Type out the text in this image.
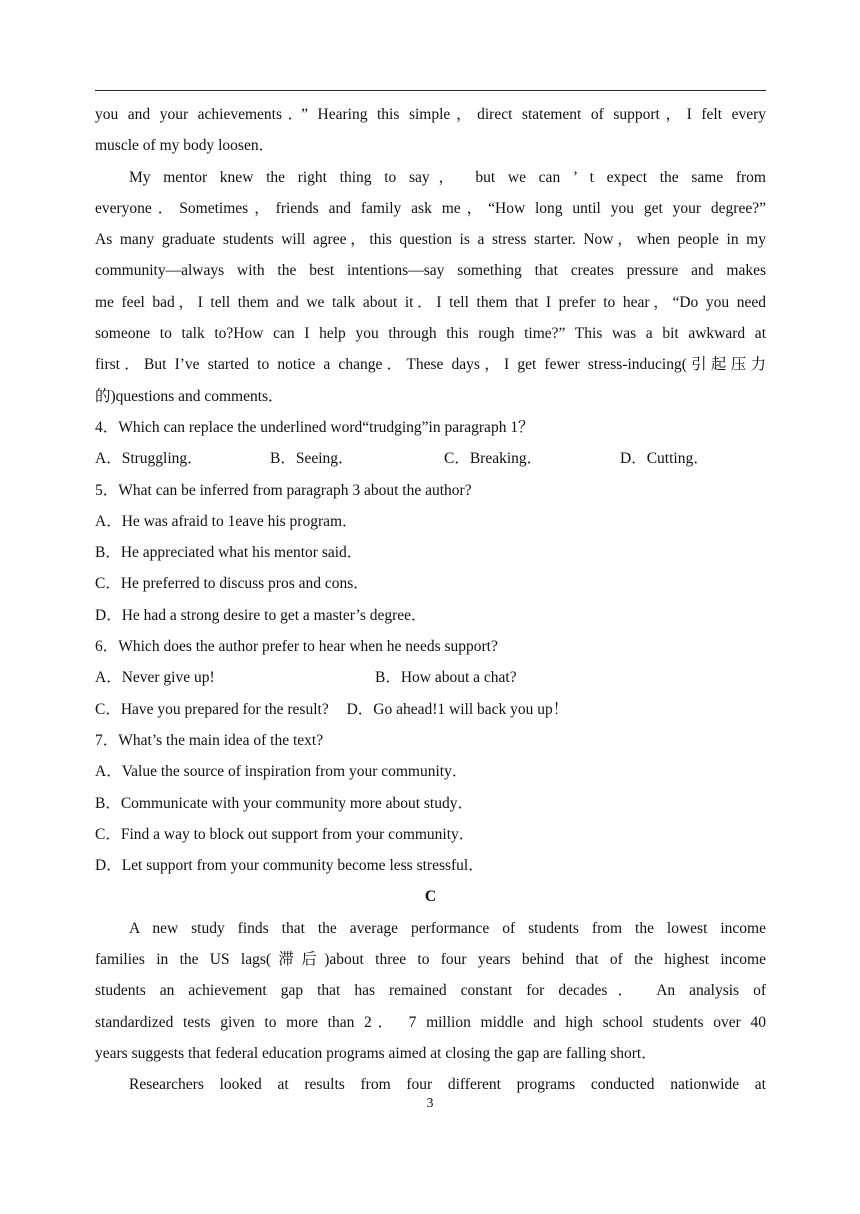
you and your achievements．” Hearing this simple，direct statement of support，I felt every
muscle of my body loosen．
My mentor knew the right thing to say， but we can ’ t expect the same from
everyone．Sometimes，friends and family ask me，“How long until you get your degree?”
As many graduate students will agree，this question is a stress starter. Now，when people in my
community—always with the best intentions—say something that creates pressure and makes
me feel bad，I tell them and we talk about it．I tell them that I prefer to hear，“Do you need
someone to talk to?How can I help you through this rough time?” This was a bit awkward at
first．But I’ve started to notice a change．These days，I get fewer stress-inducing(引起压力
的)questions and comments．
4．Which can replace the underlined word“trudging”in paragraph 1？
A．Struggling．	B．Seeing．	C．Breaking．	D．Cutting．
5．What can be inferred from paragraph 3 about the author?
A．He was afraid to 1eave his program．
B．He appreciated what his mentor said．
C．He preferred to discuss pros and cons．
D．He had a strong desire to get a master’s degree．
6．Which does the author prefer to hear when he needs support?
A．Never give up!	B．How about a chat?
C．Have you prepared for the result? D．Go ahead!1 will back you up！
7．What’s the main idea of the text?
A．Value the source of inspiration from your community．
B．Communicate with your community more about study．
C．Find a way to block out support from your community．
D．Let support from your community become less stressful．
C
A new study finds that the average performance of students from the lowest income
families in the US lags(滞后)about three to four years behind that of the highest income
students an achievement gap that has remained constant for decades． An analysis of
standardized tests given to more than 2． 7 million middle and high school students over 40
years suggests that federal education programs aimed at closing the gap are falling short．
Researchers looked at results from four different programs conducted nationwide at
3
